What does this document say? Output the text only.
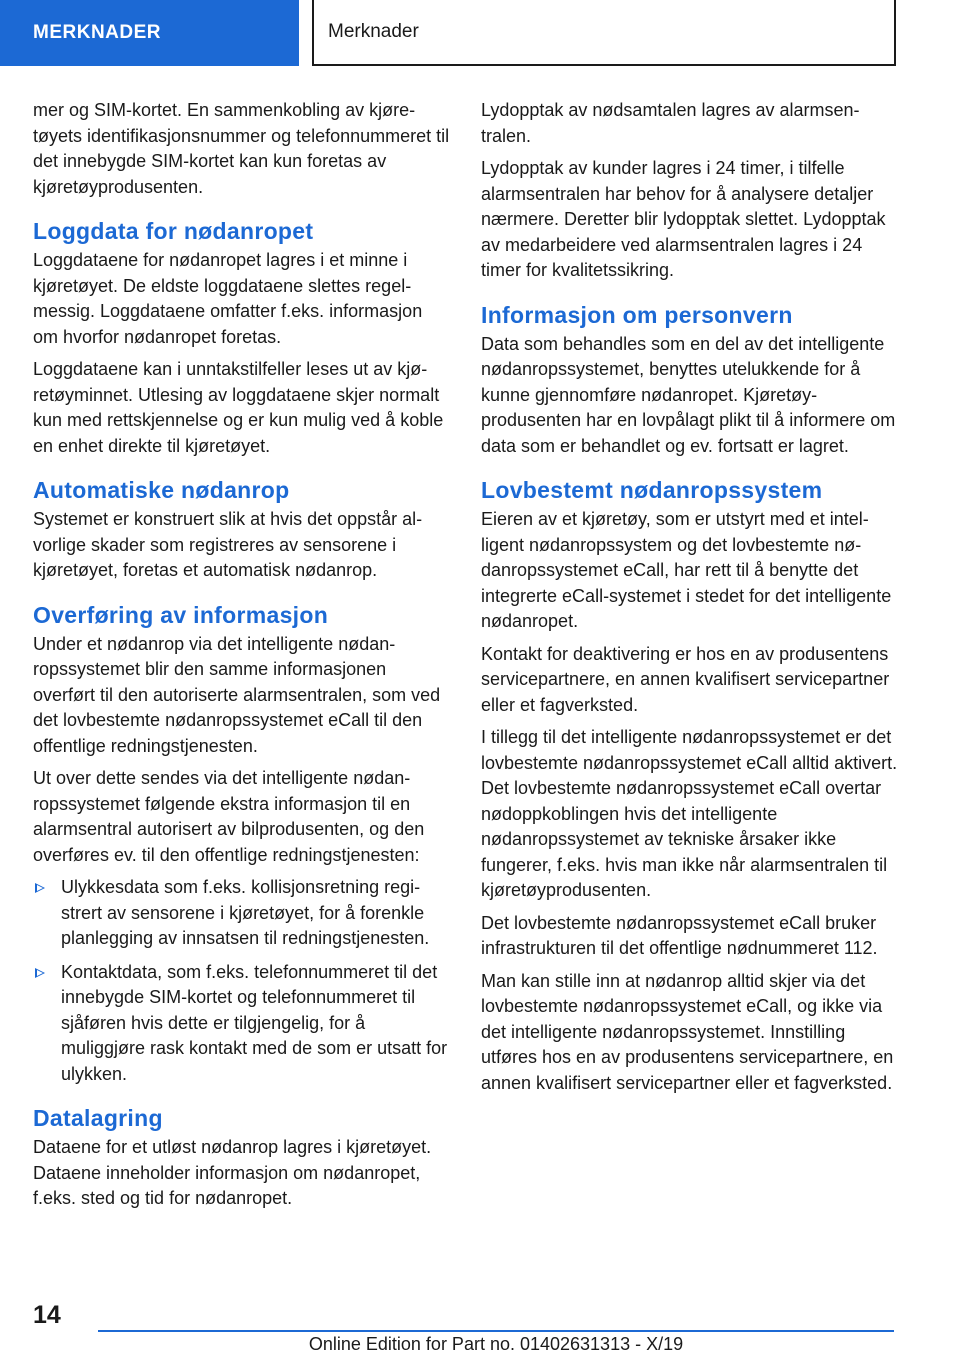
MERKNADER	Merknader

mer og SIM-kortet. En sammenkobling av kjøretøyets identifikasjonsnummer og telefonnummeret til det innebygde SIM-kortet kan kun foretas av kjøretøyprodusenten.

Loggdata for nødanropet

Loggdataene for nødanropet lagres i et minne i kjøretøyet. De eldste loggdataene slettes regelmessig. Loggdataene omfatter f.eks. informasjon om hvorfor nødanropet foretas.

Loggdataene kan i unntakstilfeller leses ut av kjøretøyminnet. Utlesing av loggdataene skjer normalt kun med rettskjennelse og er kun mulig ved å koble en enhet direkte til kjøretøyet.

Automatiske nødanrop

Systemet er konstruert slik at hvis det oppstår alvorlige skader som registreres av sensorene i kjøretøyet, foretas et automatisk nødanrop.

Overføring av informasjon

Under et nødanrop via det intelligente nødanropssystemet blir den samme informasjonen overført til den autoriserte alarmsentralen, som ved det lovbestemte nødanropssystemet eCall til den offentlige redningstjenesten.

Ut over dette sendes via det intelligente nødanropssystemet følgende ekstra informasjon til en alarmsentral autorisert av bilprodusenten, og den overføres ev. til den offentlige redningstjenesten:

Ulykkesdata som f.eks. kollisjonsretning registrert av sensorene i kjøretøyet, for å forenkle planlegging av innsatsen til redningstjenesten.
Kontaktdata, som f.eks. telefonnummeret til det innebygde SIM-kortet og telefonnummeret til sjåføren hvis dette er tilgjengelig, for å muliggjøre rask kontakt med de som er utsatt for ulykken.
Datalagring

Dataene for et utløst nødanrop lagres i kjøretøyet. Dataene inneholder informasjon om nødanropet, f.eks. sted og tid for nødanropet.

Lydopptak av nødsamtalen lagres av alarmsentralen.

Lydopptak av kunder lagres i 24 timer, i tilfelle alarmsentralen har behov for å analysere detaljer nærmere. Deretter blir lydopptak slettet. Lydopptak av medarbeidere ved alarmsentralen lagres i 24 timer for kvalitetssikring.

Informasjon om personvern

Data som behandles som en del av det intelligente nødanropssystemet, benyttes utelukkende for å kunne gjennomføre nødanropet. Kjøretøyprodusenten har en lovpålagt plikt til å informere om data som er behandlet og ev. fortsatt er lagret.

Lovbestemt nødanropssystem

Eieren av et kjøretøy, som er utstyrt med et intelligent nødanropssystem og det lovbestemte nødanropssystemet eCall, har rett til å benytte det integrerte eCall-systemet i stedet for det intelligente nødanropet.

Kontakt for deaktivering er hos en av produsentens servicepartnere, en annen kvalifisert servicepartner eller et fagverksted.

I tillegg til det intelligente nødanropssystemet er det lovbestemte nødanropssystemet eCall alltid aktivert. Det lovbestemte nødanropssystemet eCall overtar nødoppkoblingen hvis det intelligente nødanropssystemet av tekniske årsaker ikke fungerer, f.eks. hvis man ikke når alarmsentralen til kjøretøyprodusenten.

Det lovbestemte nødanropssystemet eCall bruker infrastrukturen til det offentlige nødnummeret 112.

Man kan stille inn at nødanrop alltid skjer via det lovbestemte nødanropssystemet eCall, og ikke via det intelligente nødanropssystemet. Innstilling utføres hos en av produsentens servicepartnere, en annen kvalifisert servicepartner eller et fagverksted.

14
Online Edition for Part no. 01402631313 - X/19
